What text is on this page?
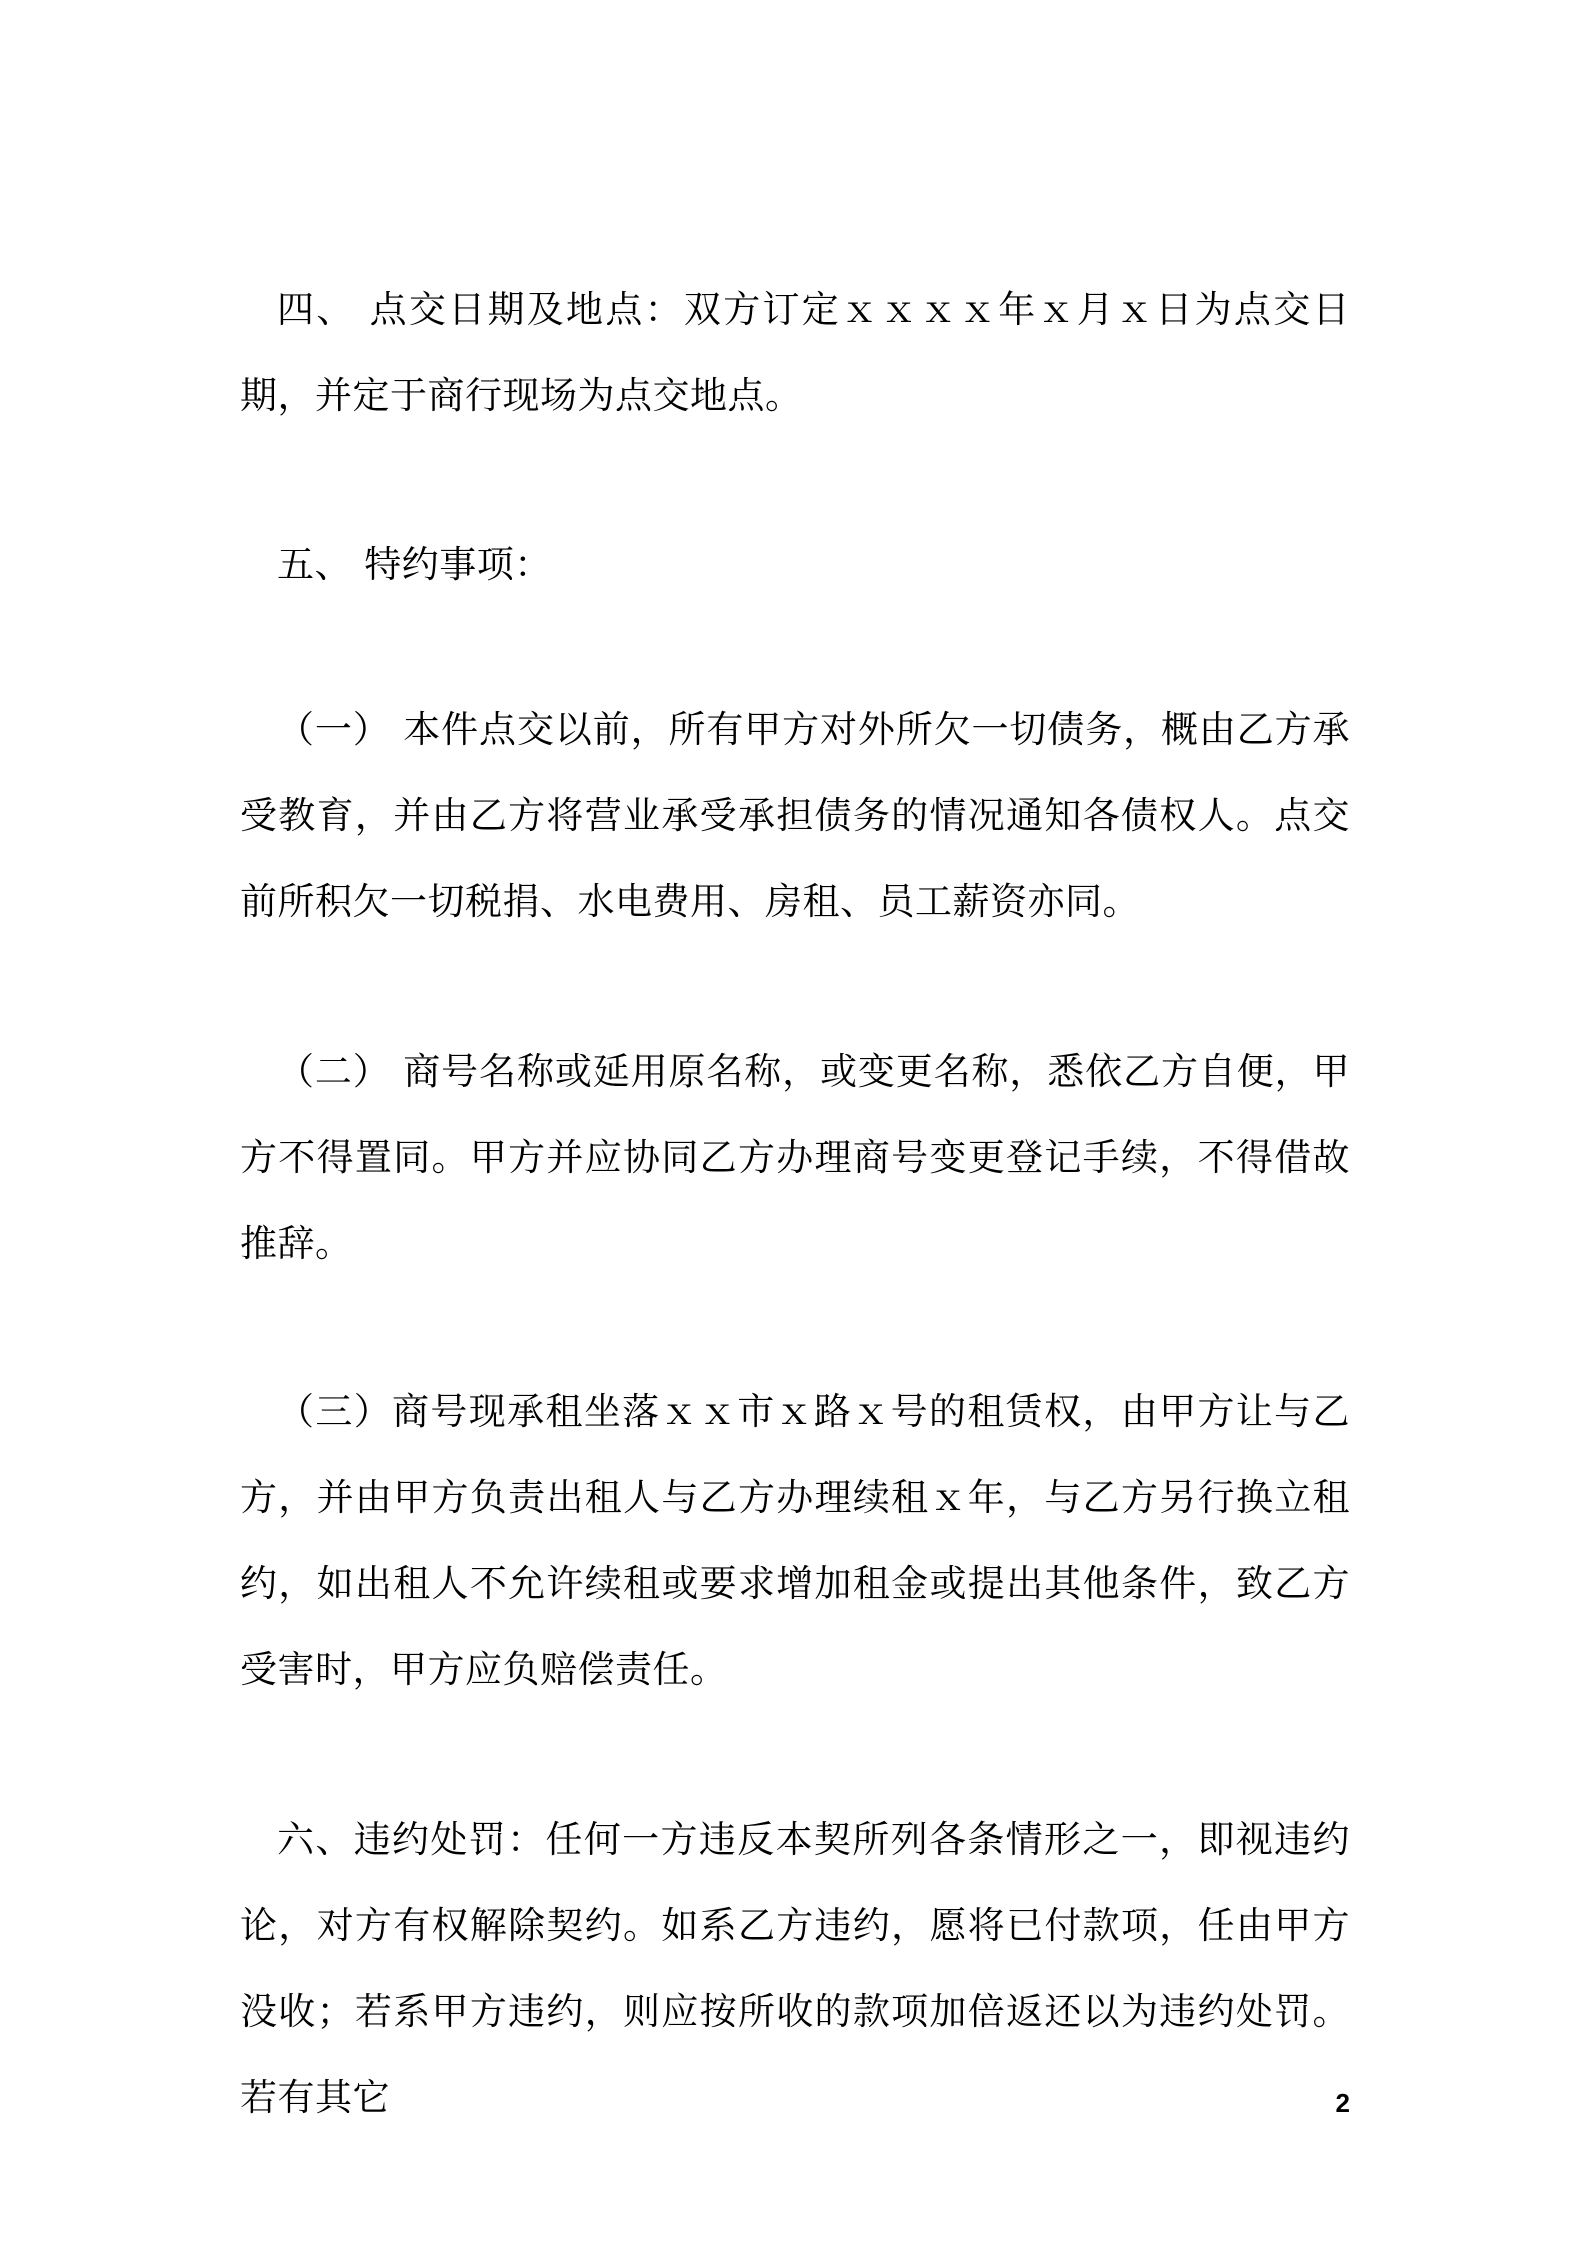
四、 点交日期及地点：双方订定ｘｘｘｘ年ｘ月ｘ日为点交日期，并定于商行现场为点交地点。

五、 特约事项：

（一） 本件点交以前，所有甲方对外所欠一切债务，概由乙方承受教育，并由乙方将营业承受承担债务的情况通知各债权人。点交前所积欠一切税捐、水电费用、房租、员工薪资亦同。

（二） 商号名称或延用原名称，或变更名称，悉依乙方自便，甲方不得置同。甲方并应协同乙方办理商号变更登记手续，不得借故推辞。

（三）商号现承租坐落ｘｘ市ｘ路ｘ号的租赁权，由甲方让与乙方，并由甲方负责出租人与乙方办理续租ｘ年，与乙方另行换立租约，如出租人不允许续租或要求增加租金或提出其他条件，致乙方受害时，甲方应负赔偿责任。

六、违约处罚：任何一方违反本契所列各条情形之一，即视违约论，对方有权解除契约。如系乙方违约，愿将已付款项，任由甲方没收；若系甲方违约，则应按所收的款项加倍返还以为违约处罚。若有其它	2
